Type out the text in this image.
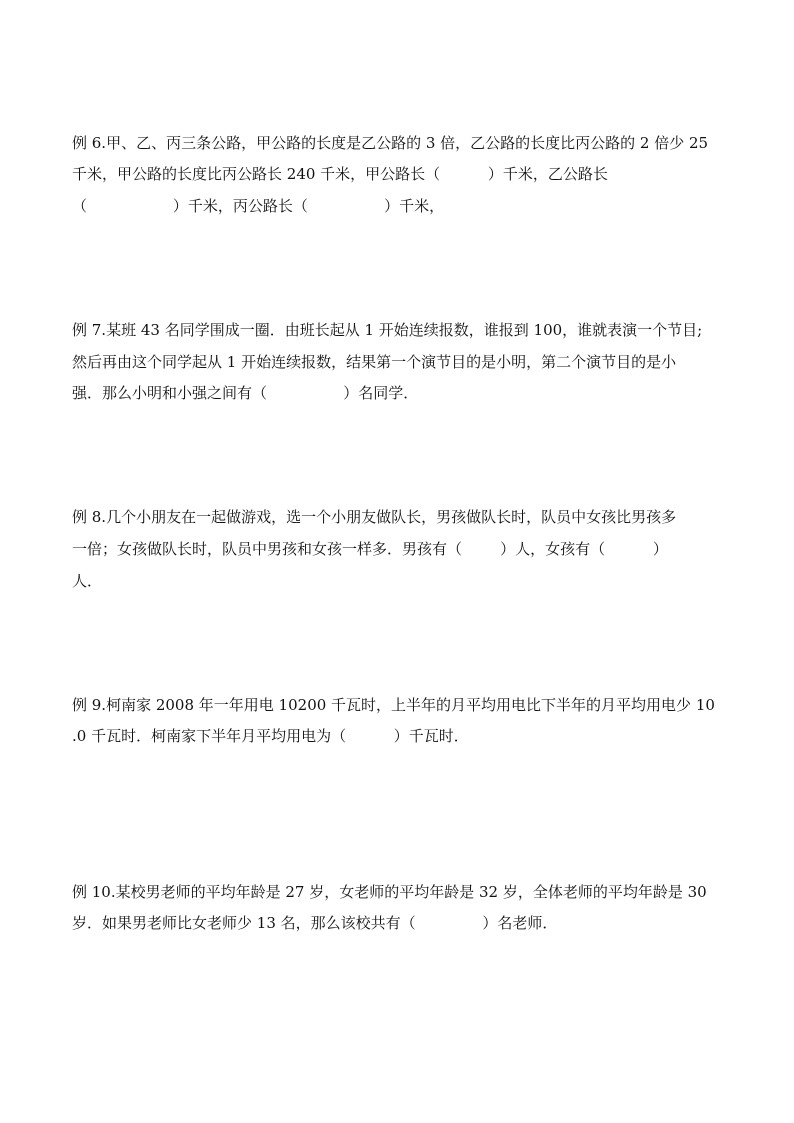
例 6.甲、乙、丙三条公路，甲公路的长度是乙公路的 3 倍，乙公路的长度比丙公路的 2 倍少 25
千米，甲公路的长度比丙公路长 240 千米，甲公路长（          ）千米，乙公路长
（                  ）千米，丙公路长（                ）千米，
例 7.某班 43 名同学围成一圈．由班长起从 1 开始连续报数，谁报到 100，谁就表演一个节目;
然后再由这个同学起从 1 开始连续报数，结果第一个演节目的是小明，第二个演节目的是小
强．那么小明和小强之间有（                ）名同学．
例 8.几个小朋友在一起做游戏，选一个小朋友做队长，男孩做队长时，队员中女孩比男孩多
一倍；女孩做队长时，队员中男孩和女孩一样多．男孩有（        ）人，女孩有（          ）
人．
例 9.柯南家 2008 年一年用电 10200 千瓦时，上半年的月平均用电比下半年的月平均用电少 10
.0 千瓦时．柯南家下半年月平均用电为（          ）千瓦时．
例 10.某校男老师的平均年龄是 27 岁，女老师的平均年龄是 32 岁，全体老师的平均年龄是 30
岁．如果男老师比女老师少 13 名，那么该校共有（              ）名老师．
